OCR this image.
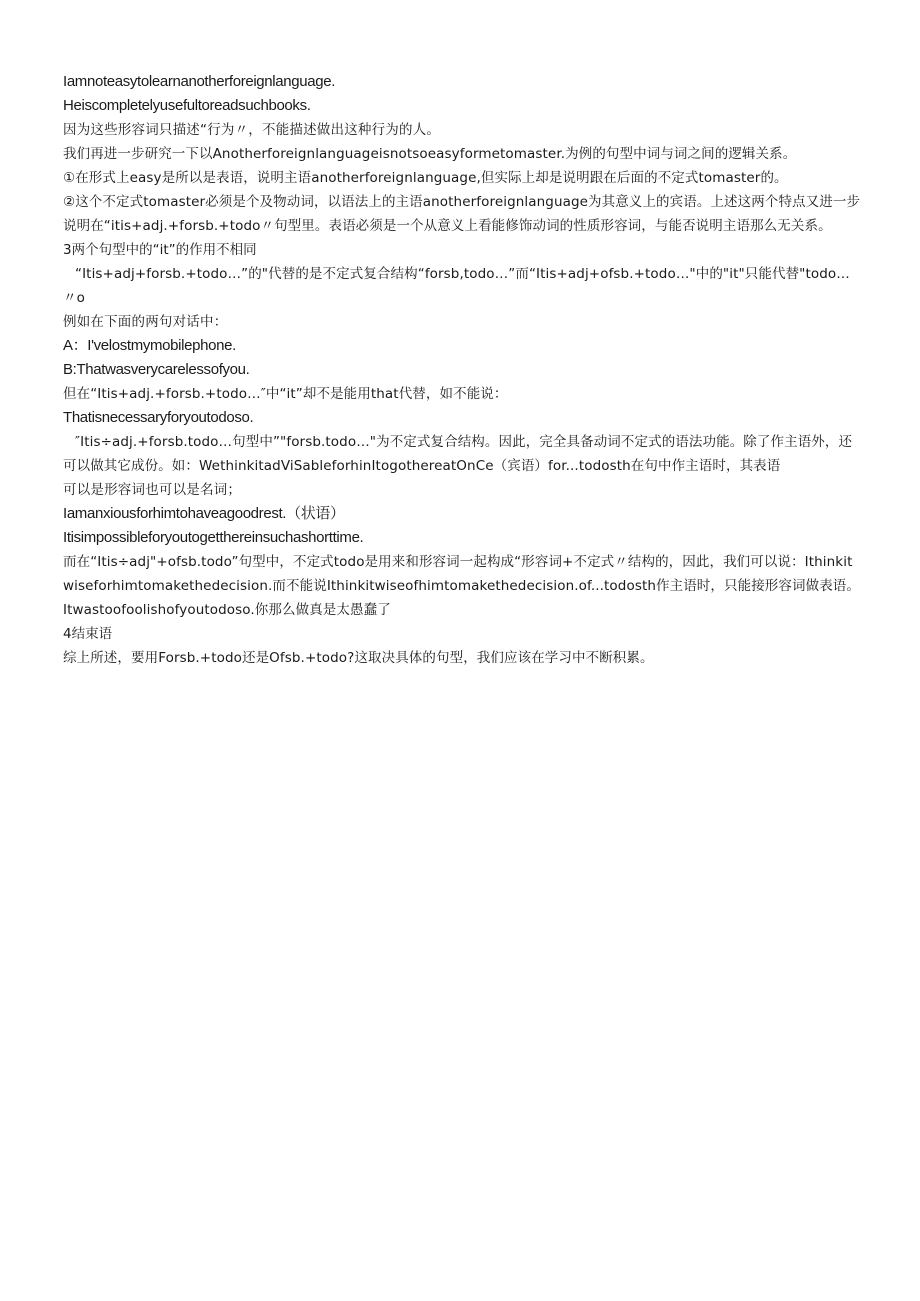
Iamnoteasytolearnanotherforeignlanguage.

Heiscompletelyusefultoreadsuchbooks.

因为这些形容词只描述“行为〃，不能描述做出这种行为的人。

我们再进一步研究一下以Anotherforeignlanguageisnotsoeasyformetomaster.为例的句型中词与词之间的逻辑关系。

①在形式上easy是所以是表语，说明主语anotherforeignlanguage,但实际上却是说明跟在后面的不定式tomaster的。

②这个不定式tomaster必须是个及物动词，以语法上的主语anotherforeignlanguage为其意义上的宾语。上述这两个特点又进一步说明在“itis+adj.+forsb.+todo〃句型里。表语必须是一个从意义上看能修饰动词的性质形容词，与能否说明主语那么无关系。

3两个句型中的“it”的作用不相同

“Itis+adj+forsb.+todo…”的"代替的是不定式复合结构“forsb,todo…”而“Itis+adj+ofsb.+todo…"中的"it"只能代替"todo…〃o

例如在下面的两句对话中：

A：I'velostmymobilephone.

B:Thatwasverycarelessofyou.

但在“Itis+adj.+forsb.+todo…″中“it”却不是能用that代替，如不能说：

Thatisnecessaryforyoutodoso.

″Itis÷adj.+forsb.todo…句型中”"forsb.todo…"为不定式复合结构。因此，完全具备动词不定式的语法功能。除了作主语外，还可以做其它成份。如：WethinkitadViSableforhinItogothereatOnCe（宾语）for...todosth在句中作主语时，其表语

可以是形容词也可以是名词；

Iamanxiousforhimtohaveagoodrest.（状语）

Itisimpossibleforyoutogetthereinsuchashorttime.

而在“Itis÷adj"+ofsb.todo”句型中，不定式todo是用来和形容词一起构成“形容词+不定式〃结构的，因此，我们可以说：Ithinkitwiseforhimtomakethedecision.而不能说Ithinkitwiseofhimtomakethedecision.of...todosth作主语时，只能接形容词做表语。

Itwastoofoolishofyoutodoso.你那么做真是太愚蠢了

4结束语

综上所述，要用Forsb.+todo还是Ofsb.+todo?这取决具体的句型，我们应该在学习中不断积累。
